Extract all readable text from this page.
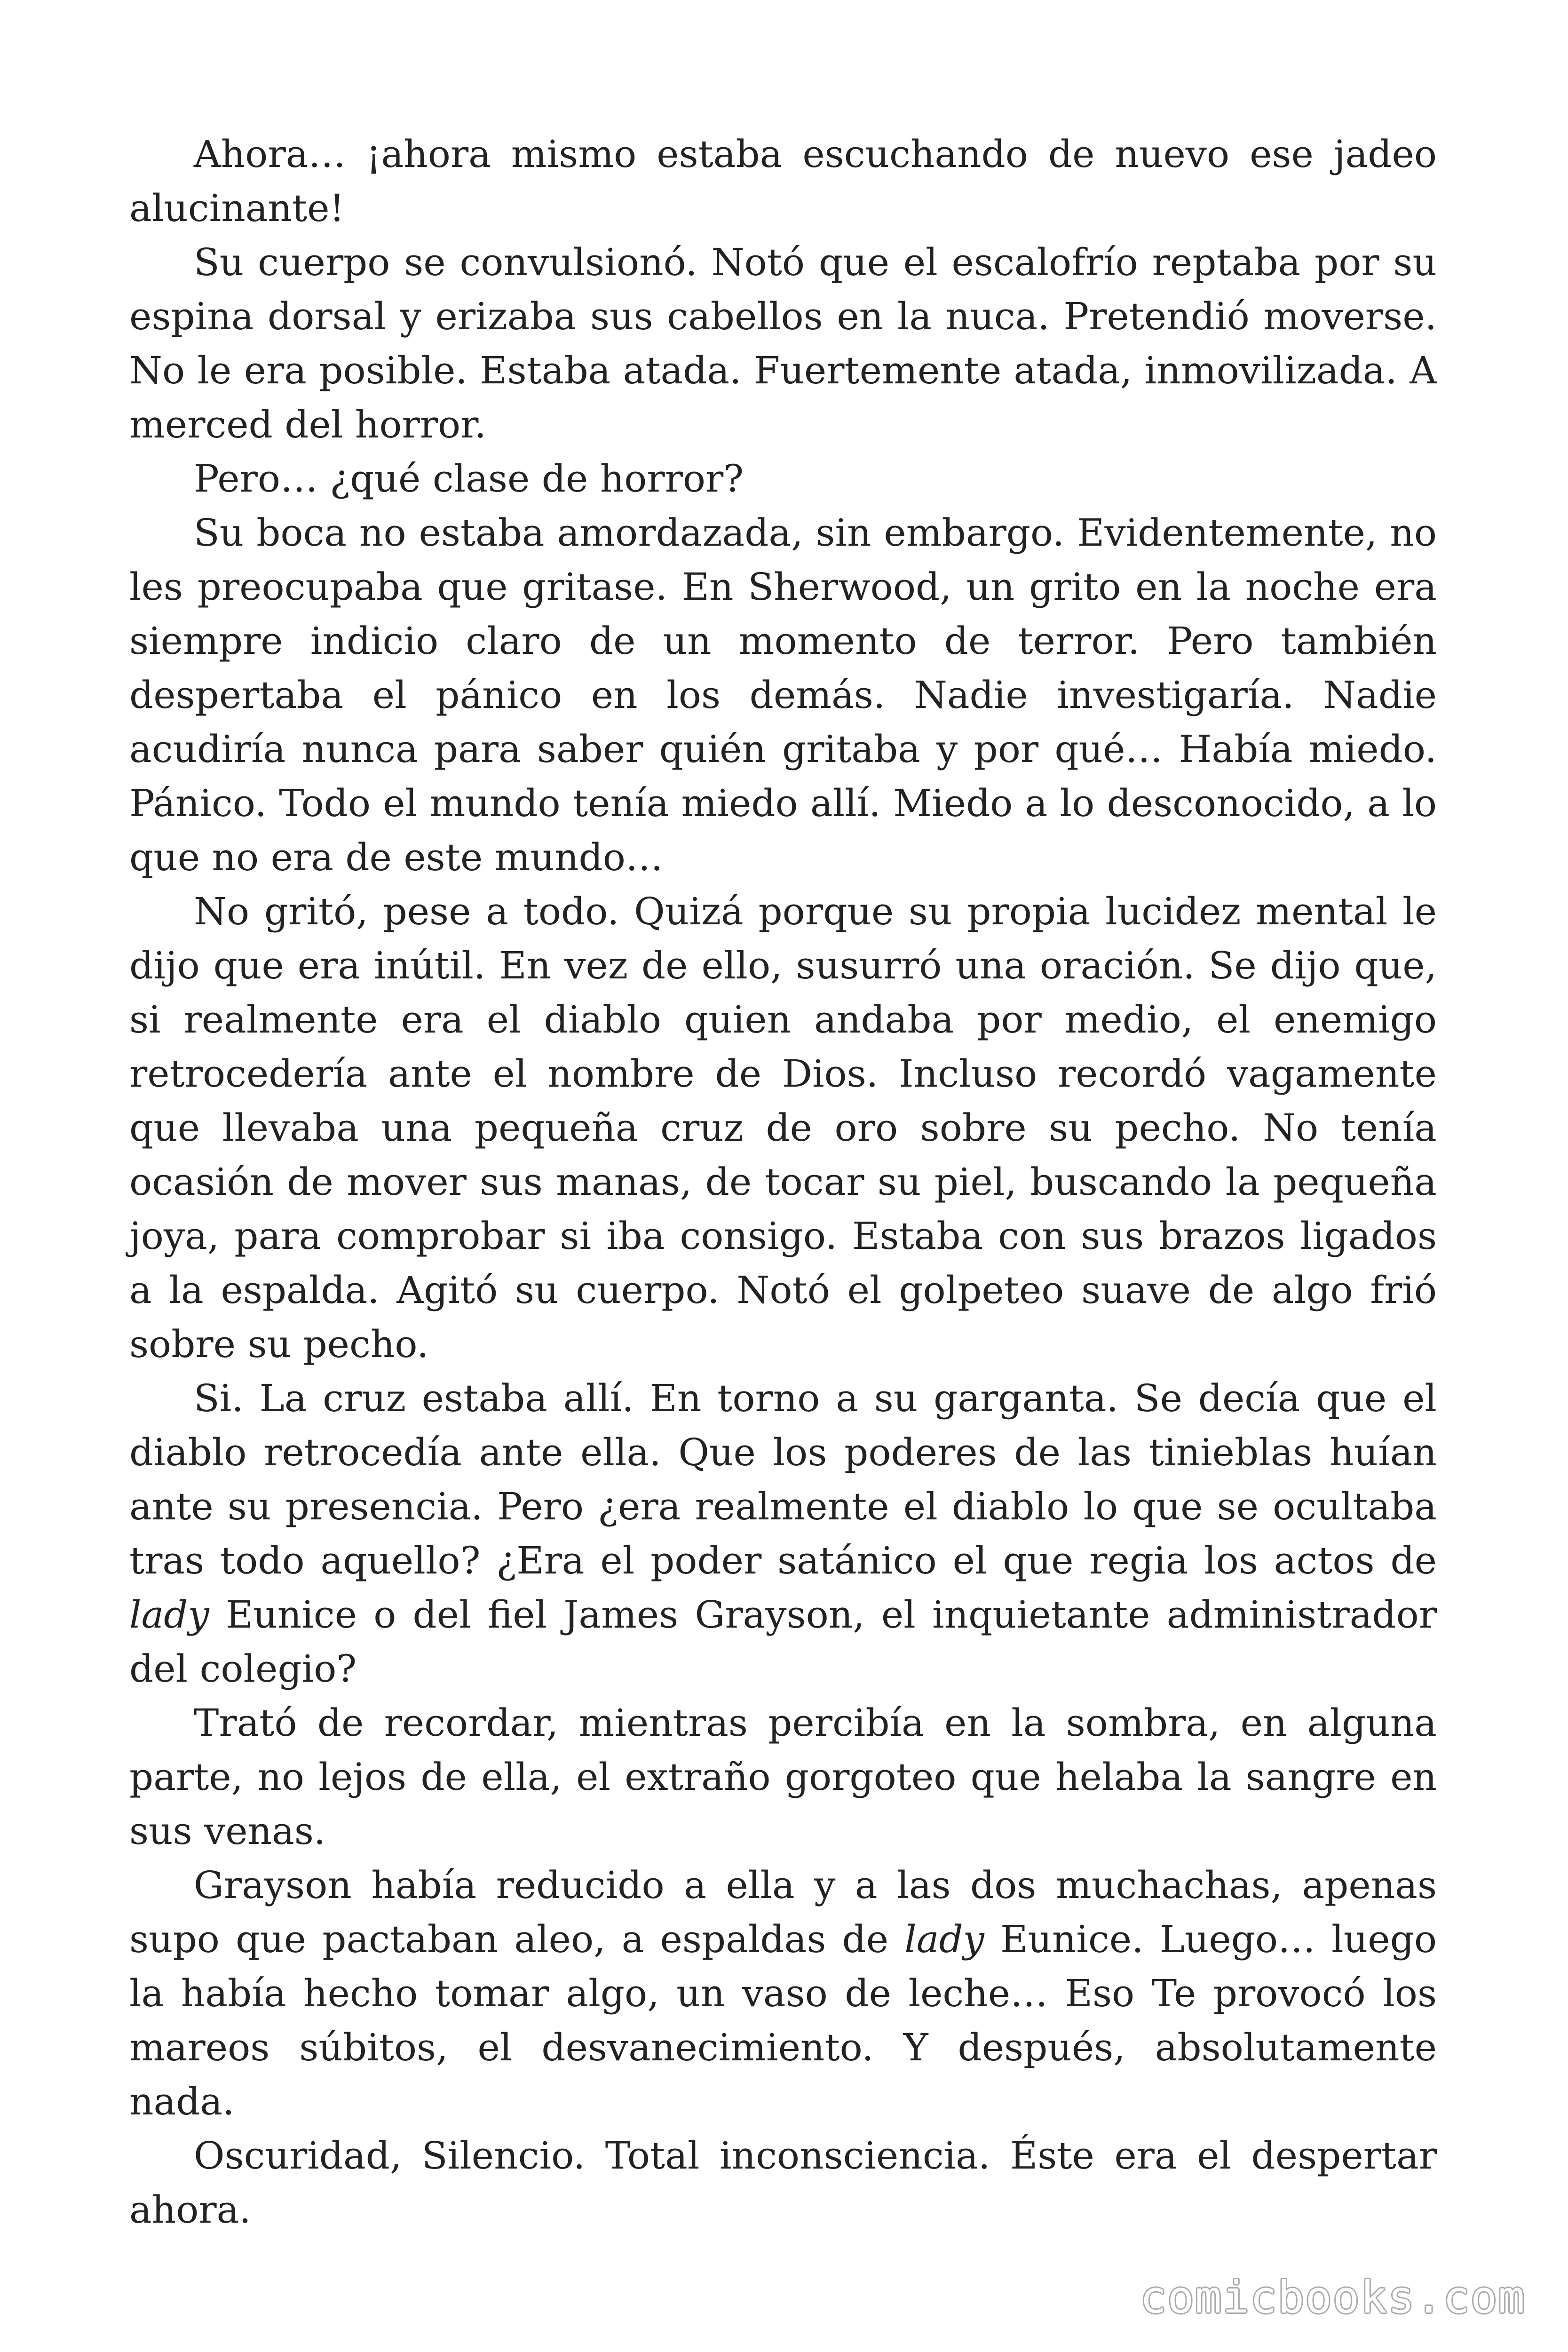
Ahora… ¡ahora mismo estaba escuchando de nuevo ese jadeo alucinante!

Su cuerpo se convulsionó. Notó que el escalofrío reptaba por su espina dorsal y erizaba sus cabellos en la nuca. Pretendió moverse. No le era posible. Estaba atada. Fuertemente atada, inmovilizada. A merced del horror.

Pero… ¿qué clase de horror?

Su boca no estaba amordazada, sin embargo. Evidentemente, no les preocupaba que gritase. En Sherwood, un grito en la noche era siempre indicio claro de un momento de terror. Pero también despertaba el pánico en los demás. Nadie investigaría. Nadie acudiría nunca para saber quién gritaba y por qué… Había miedo. Pánico. Todo el mundo tenía miedo allí. Miedo a lo desconocido, a lo que no era de este mundo…

No gritó, pese a todo. Quizá porque su propia lucidez mental le dijo que era inútil. En vez de ello, susurró una oración. Se dijo que, si realmente era el diablo quien andaba por medio, el enemigo retrocedería ante el nombre de Dios. Incluso recordó vagamente que llevaba una pequeña cruz de oro sobre su pecho. No tenía ocasión de mover sus manas, de tocar su piel, buscando la pequeña joya, para comprobar si iba consigo. Estaba con sus brazos ligados a la espalda. Agitó su cuerpo. Notó el golpeteo suave de algo frió sobre su pecho.

Si. La cruz estaba allí. En torno a su garganta. Se decía que el diablo retrocedía ante ella. Que los poderes de las tinieblas huían ante su presencia. Pero ¿era realmente el diablo lo que se ocultaba tras todo aquello? ¿Era el poder satánico el que regia los actos de lady Eunice o del fiel James Grayson, el inquietante administrador del colegio?

Trató de recordar, mientras percibía en la sombra, en alguna parte, no lejos de ella, el extraño gorgoteo que helaba la sangre en sus venas.

Grayson había reducido a ella y a las dos muchachas, apenas supo que pactaban aleo, a espaldas de lady Eunice. Luego… luego la había hecho tomar algo, un vaso de leche… Eso Te provocó los mareos súbitos, el desvanecimiento. Y después, absolutamente nada.

Oscuridad, Silencio. Total inconsciencia. Éste era el despertar ahora.

comicbooks.com
